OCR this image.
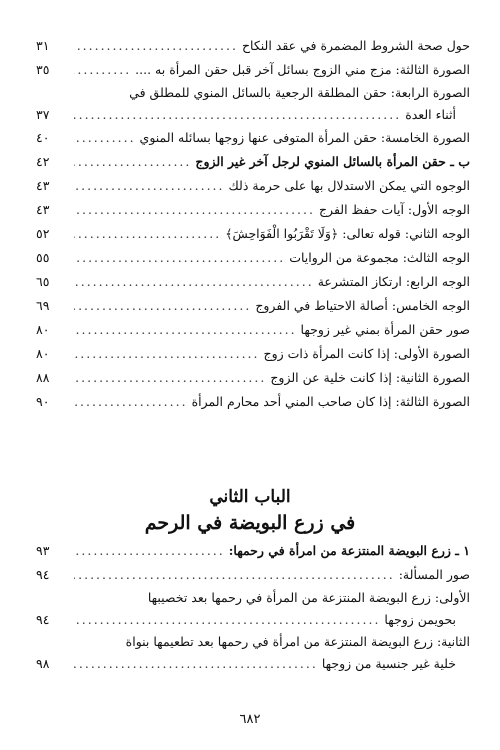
حول صحة الشروط المضمرة في عقد النكاح
.....
٣١
الصورة الثالثة: مزج مني الزوج بسائل آخر قبل حقن المرأة به ....
.....
٣٥
الصورة الرابعة: حقن المطلقة الرجعية بالسائل المنوي للمطلق في
أثناء العدة
.....
٣٧
الصورة الخامسة: حقن المرأة المتوفى عنها زوجها بسائله المنوي
.....
٤٠
ب ـ حقن المرأة بالسائل المنوي لرجل آخر غير الزوج
.....
٤٢
الوجوه التي يمكن الاستدلال بها على حرمة ذلك
.....
٤٣
الوجه الأول: آيات حفظ الفرج
.....
٤٣
الوجه الثاني: قوله تعالى: ﴿وَلَا تَقْرَبُوا الْفَوَاحِشَ﴾
.....
٥٢
الوجه الثالث: مجموعة من الروايات
.....
٥٥
الوجه الرابع: ارتكاز المتشرعة
.....
٦٥
الوجه الخامس: أصالة الاحتياط في الفروج
.....
٦٩
صور حقن المرأة بمني غير زوجها
.....
٨٠
الصورة الأولى: إذا كانت المرأة ذات زوج
.....
٨٠
الصورة الثانية: إذا كانت خلية عن الزوج
.....
٨٨
الصورة الثالثة: إذا كان صاحب المني أحد محارم المرأة
.....
٩٠
الباب الثاني
في زرع البويضة في الرحم
١ ـ زرع البويضة المنتزعة من امرأة في رحمها:
.....
٩٣
صور المسألة:
.....
٩٤
الأولى: زرع البويضة المنتزعة من المرأة في رحمها بعد تخصيبها
بحويمن زوجها
.....
٩٤
الثانية: زرع البويضة المنتزعة من امرأة في رحمها بعد تطعيمها بنواة
خلية غير جنسية من زوجها
.....
٩٨
٦٨٢
